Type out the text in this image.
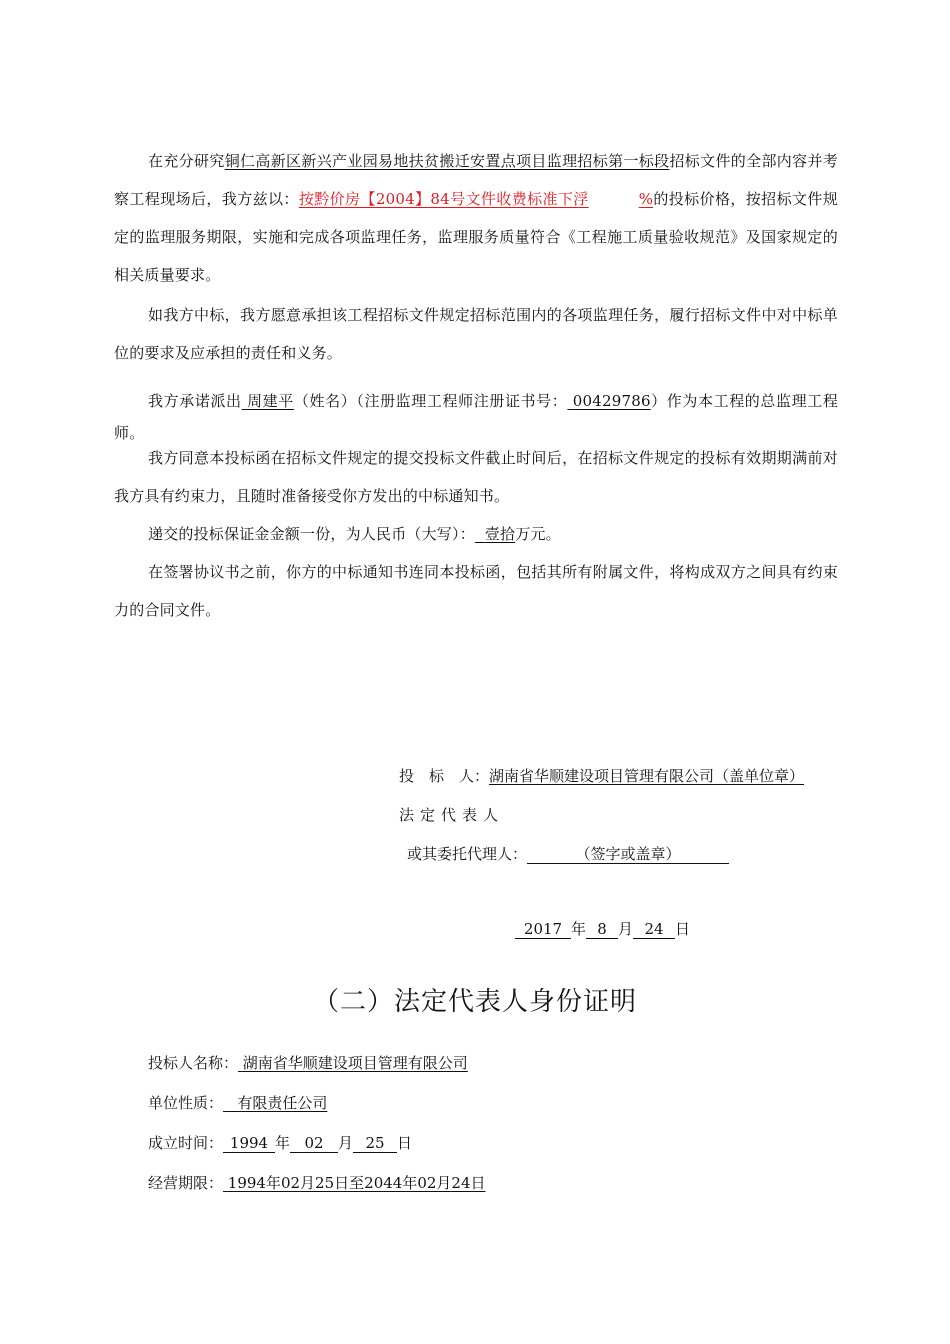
在充分研究铜仁高新区新兴产业园易地扶贫搬迁安置点项目监理招标第一标段招标文件的全部内容并考察工程现场后，我方兹以：按黔价房【2004】84号文件收费标准下浮	%的投标价格，按招标文件规定的监理服务期限，实施和完成各项监理任务，监理服务质量符合《工程施工质量验收规范》及国家规定的相关质量要求。

如我方中标，我方愿意承担该工程招标文件规定招标范围内的各项监理任务，履行招标文件中对中标单位的要求及应承担的责任和义务。

我方承诺派出 周建平（姓名）（注册监理工程师注册证书号： 00429786）作为本工程的总监理工程师。

我方同意本投标函在招标文件规定的提交投标文件截止时间后，在招标文件规定的投标有效期期满前对我方具有约束力，且随时准备接受你方发出的中标通知书。

递交的投标保证金金额一份，为人民币（大写）： 壹拾万元。

在签署协议书之前，你方的中标通知书连同本投标函，包括其所有附属文件，将构成双方之间具有约束力的合同文件。

投　标　人：湖南省华顺建设项目管理有限公司（盖单位章）
法定代表人
或其委托代理人：	（签字或盖章）
2017 年 8 月 24 日
（二）法定代表人身份证明
投标人名称： 湖南省华顺建设项目管理有限公司
单位性质： 有限责任公司
成立时间： 1994 年 02 月 25 日
经营期限： 1994年02月25日至2044年02月24日
